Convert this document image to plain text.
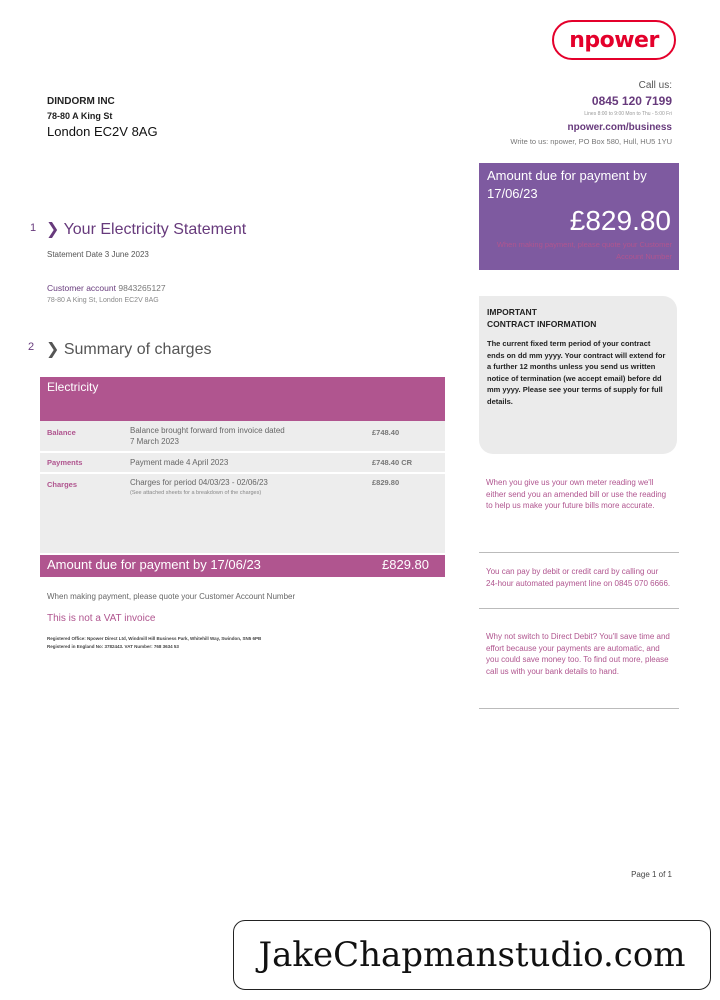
npower
DINDORM INC
78-80 A King St
London EC2V 8AG
Call us:
0845 120 7199
Lines 8:00 to 9:00 Mon to Thu - 5:00 Fri
npower.com/business
Write to us: npower, PO Box 580, Hull, HU5 1YU
Amount due for payment by 17/06/23
£829.80
When making payment, please quote your Customer Account Number
1 ❯ Your Electricity Statement
Statement Date 3 June 2023
Customer account 9843265127
78-80 A King St, London EC2V 8AG
2 ❯ Summary of charges
Electricity
Balance	Balance brought forward from invoice dated
7 March 2023
£748.40
Payments	Payment made 4 April 2023	£748.40 CR
Charges	Charges for period 04/03/23 - 02/06/23
(See attached sheets for a breakdown of the charges)
£829.80
Amount due for payment by 17/06/23	£829.80
When making payment, please quote your Customer Account Number
This is not a VAT invoice
Registered Office: Npower Direct Ltd, Windmill Hill Business Park, Whitehill Way, Swindon, SN5 6PB
Registered in England No: 3782443. VAT Number: 768 3634 53
IMPORTANT
CONTRACT INFORMATION
The current fixed term period of your contract ends on dd mm yyyy. Your contract will extend for a further 12 months unless you send us written notice of termination (we accept email) before dd mm yyyy. Please see your terms of supply for full details.
When you give us your own meter reading we'll either send you an amended bill or use the reading to help us make your future bills more accurate.
You can pay by debit or credit card by calling our 24-hour automated payment line on 0845 070 6666.
Why not switch to Direct Debit? You'll save time and effort because your payments are automatic, and you could save money too. To find out more, please call us with your bank details to hand.
Page 1 of 1
JakeChapmanstudio.com
